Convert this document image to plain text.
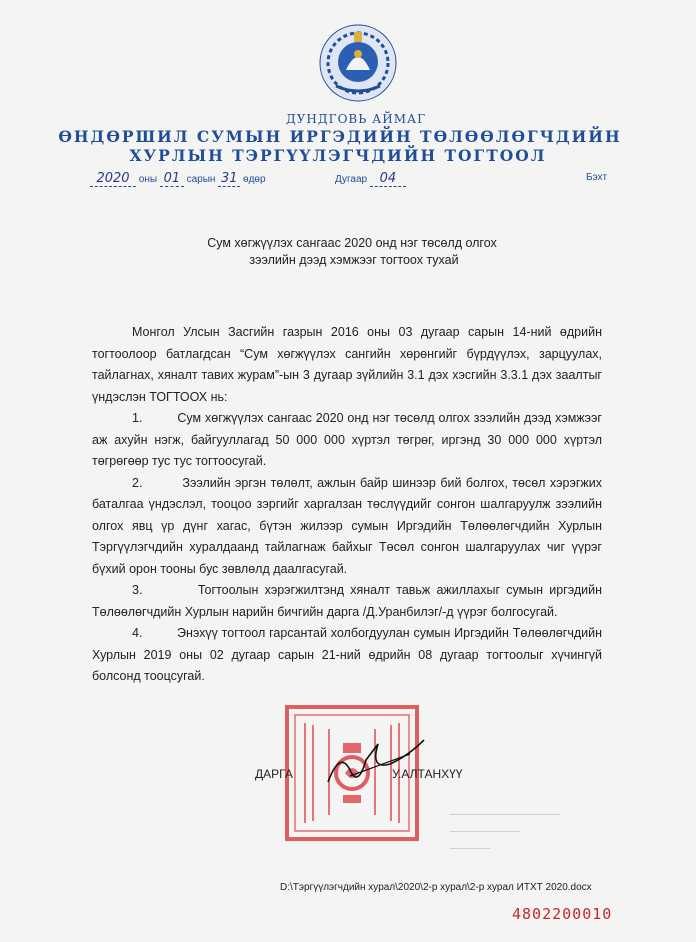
ДУНДГОВЬ АЙМАГ
ӨНДӨРШИЛ СУМЫН ИРГЭДИЙН ТӨЛӨӨЛӨГЧДИЙН
ХУРЛЫН ТЭРГҮҮЛЭГЧДИЙН ТОГТООЛ
2020 оны 01 сарын 31 өдөр	Дугаар 04	Бэхт
Сум хөгжүүлэх сангаас 2020 онд нэг төсөлд олгох
зээлийн дээд хэмжээг тогтоох тухай

Монгол Улсын Засгийн газрын 2016 оны 03 дугаар сарын 14-ний өдрийн тогтоолоор батлагдсан “Сум хөгжүүлэх сангийн хөрөнгийг бүрдүүлэх, зарцуулах, тайлагнах, хяналт тавих журам”-ын 3 дугаар зүйлийн 3.1 дэх хэсгийн 3.3.1 дэх заалтыг үндэслэн ТОГТООХ нь:

1.	Сум хөгжүүлэх сангаас 2020 онд нэг төсөлд олгох зээлийн дээд хэмжээг аж ахуйн нэгж, байгууллагад 50 000 000 хүртэл төгрөг, иргэнд 30 000 000 хүртэл төгрөгөөр тус тус тогтоосугай.

2.	Зээлийн эргэн төлөлт, ажлын байр шинээр бий болгох, төсөл хэрэгжих баталгаа үндэслэл, тооцоо зэргийг харгалзан төслүүдийг сонгон шалгаруулж зээлийн олгох явц үр дүнг хагас, бүтэн жилээр сумын Иргэдийн Төлөөлөгчдийн Хурлын Тэргүүлэгчдийн хуралдаанд тайлагнаж байхыг Төсөл сонгон шалгаруулах чиг үүрэг бүхий орон тооны бус зөвлөлд даалгасугай.

3.	Тогтоолын хэрэгжилтэнд хяналт тавьж ажиллахыг сумын иргэдийн Төлөөлөгчдийн Хурлын нарийн бичгийн дарга /Д.Уранбилэг/-д үүрэг болгосугай.

4.	Энэхүү тогтоол гарсантай холбогдуулан сумын Иргэдийн Төлөөлөгчдийн Хурлын 2019 оны 02 дугаар сарын 21-ний өдрийн 08 дугаар тогтоолыг хүчингүй болсонд тооцсугай.

ДАРГА	У.АЛТАНХҮҮ
D:\Тэргүүлэгчдийн хурал\2020\2-р хурал\2-р хурал ИТХТ 2020.docx
4802200010
